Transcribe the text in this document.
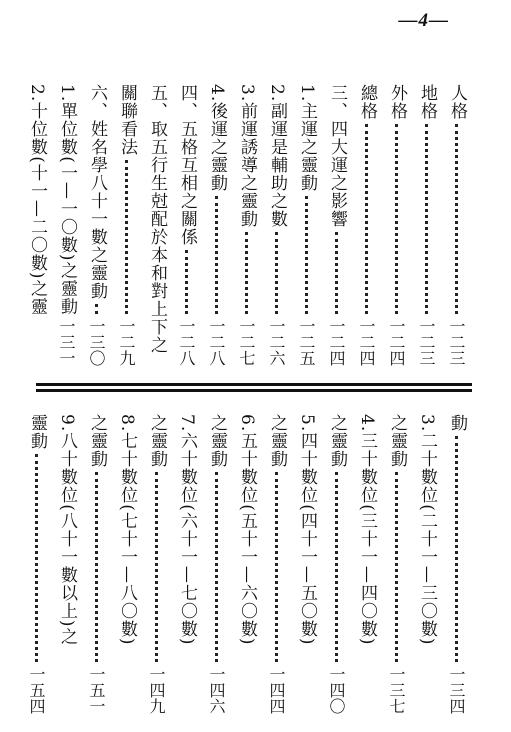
—4—
人格
一二三
地格
一二三
外格
一二四
總格
一二四
三、四大運之影響
一二四
1.主運之靈動
一二五
2.副運是輔助之數
一二六
3.前運誘導之靈動
一二七
4.後運之靈動
一二八
四、五格互相之關係
一二八
五、取五行生尅配於本和對上下之
關聯看法
一二九
六、姓名學八十一數之靈動
一三〇
1.單位數(一—一〇數)之靈動
一三一
2.十位數(十一—二〇數)之靈
動
一三四
3.二十數位(二十一—三〇數)
之靈動
一三七
4.三十數位(三十一—四〇數)
之靈動
一四〇
5.四十數位(四十一—五〇數)
之靈動
一四四
6.五十數位(五十一—六〇數)
之靈動
一四六
7.六十數位(六十一—七〇數)
之靈動
一四九
8.七十數位(七十一—八〇數)
之靈動
一五一
9.八十數位(八十一數以上)之
靈動
一五四
